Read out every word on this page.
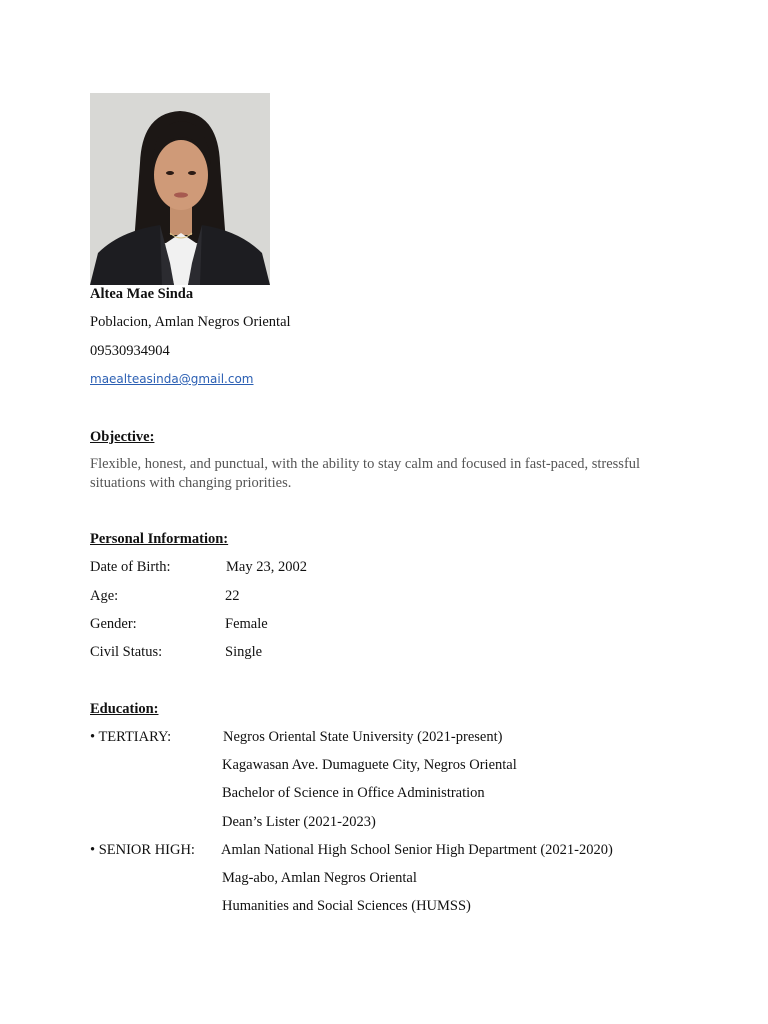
Altea Mae Sinda
Poblacion, Amlan Negros Oriental
09530934904
maealteasinda@gmail.com
Objective:
Flexible, honest, and punctual, with the ability to stay calm and focused in fast-paced, stressful situations with changing priorities.
Personal Information:
Date of Birth:	May 23, 2002
Age:	22
Gender:	Female
Civil Status:	Single
Education:
• TERTIARY:	Negros Oriental State University (2021-present)
Kagawasan Ave. Dumaguete City, Negros Oriental
Bachelor of Science in Office Administration
Dean’s Lister (2021-2023)
• SENIOR HIGH: Amlan National High School Senior High Department (2021-2020)
Mag-abo, Amlan Negros Oriental
Humanities and Social Sciences (HUMSS)
